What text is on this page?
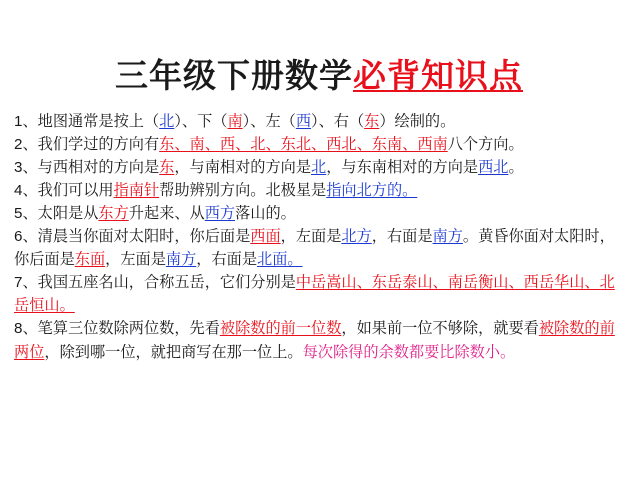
三年级下册数学必背知识点

1、地图通常是按上（北）、下（南）、左（西）、右（东）绘制的。

2、我们学过的方向有东、南、西、北、东北、西北、东南、西南八个方向。

3、与西相对的方向是东，与南相对的方向是北，与东南相对的方向是西北。

4、我们可以用指南针帮助辨别方向。北极星是指向北方的。

5、太阳是从东方升起来、从西方落山的。

6、清晨当你面对太阳时，你后面是西面，左面是北方，右面是南方。黄昏你面对太阳时，你后面是东面，左面是南方，右面是北面。

7、我国五座名山，合称五岳，它们分别是中岳嵩山、东岳泰山、南岳衡山、西岳华山、北岳恒山。

8、笔算三位数除两位数，先看被除数的前一位数，如果前一位不够除，就要看被除数的前两位，除到哪一位，就把商写在那一位上。每次除得的余数都要比除数小。
